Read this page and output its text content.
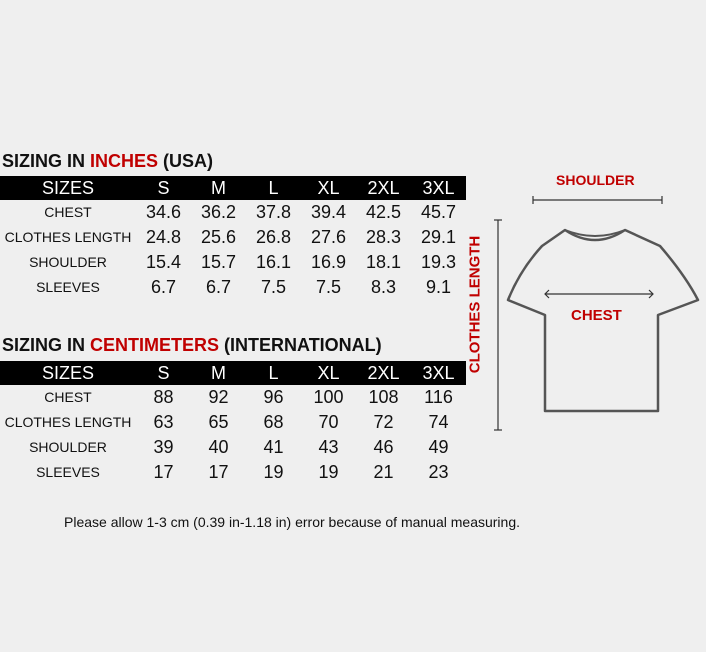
SIZING IN INCHES (USA)
SIZES	S	M	L	XL	2XL	3XL
CHEST	34.6	36.2	37.8	39.4	42.5	45.7
CLOTHES LENGTH	24.8	25.6	26.8	27.6	28.3	29.1
SHOULDER	15.4	15.7	16.1	16.9	18.1	19.3
SLEEVES	6.7	6.7	7.5	7.5	8.3	9.1
SIZING IN CENTIMETERS (INTERNATIONAL)
SIZES	S	M	L	XL	2XL	3XL
CHEST	88	92	96	100	108	116
CLOTHES LENGTH	63	65	68	70	72	74
SHOULDER	39	40	41	43	46	49
SLEEVES	17	17	19	19	21	23
SHOULDER
CLOTHES LENGTH	CHEST
Please allow 1-3 cm (0.39 in-1.18 in) error because of manual measuring.
